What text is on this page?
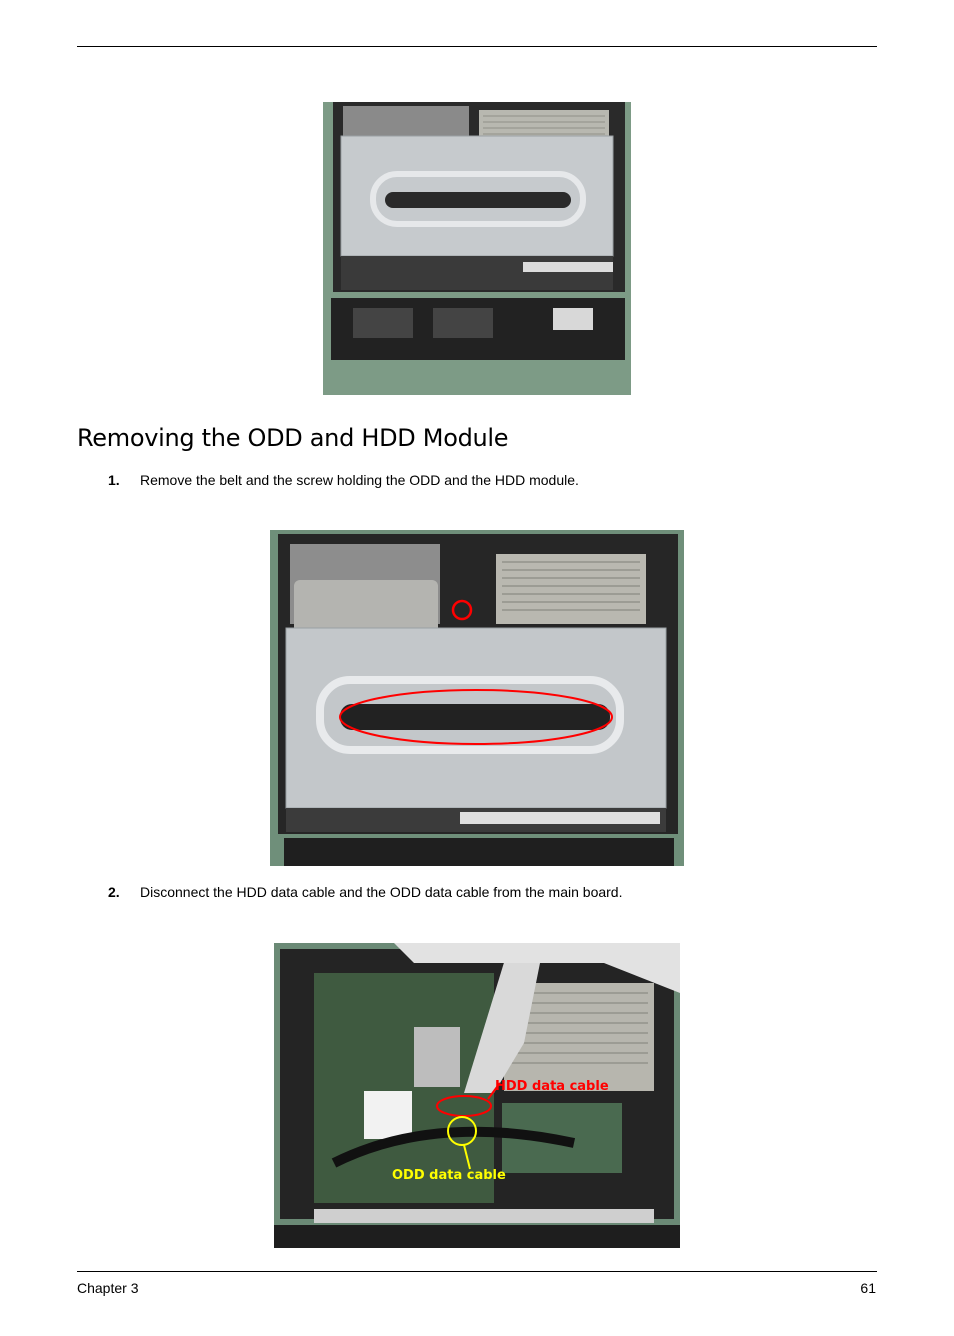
Removing the ODD and HDD Module
1. Remove the belt and the screw holding the ODD and the HDD module.
2. Disconnect the HDD data cable and the ODD data cable from the main board.
HDD data cable
ODD data cable
Chapter 3	61
